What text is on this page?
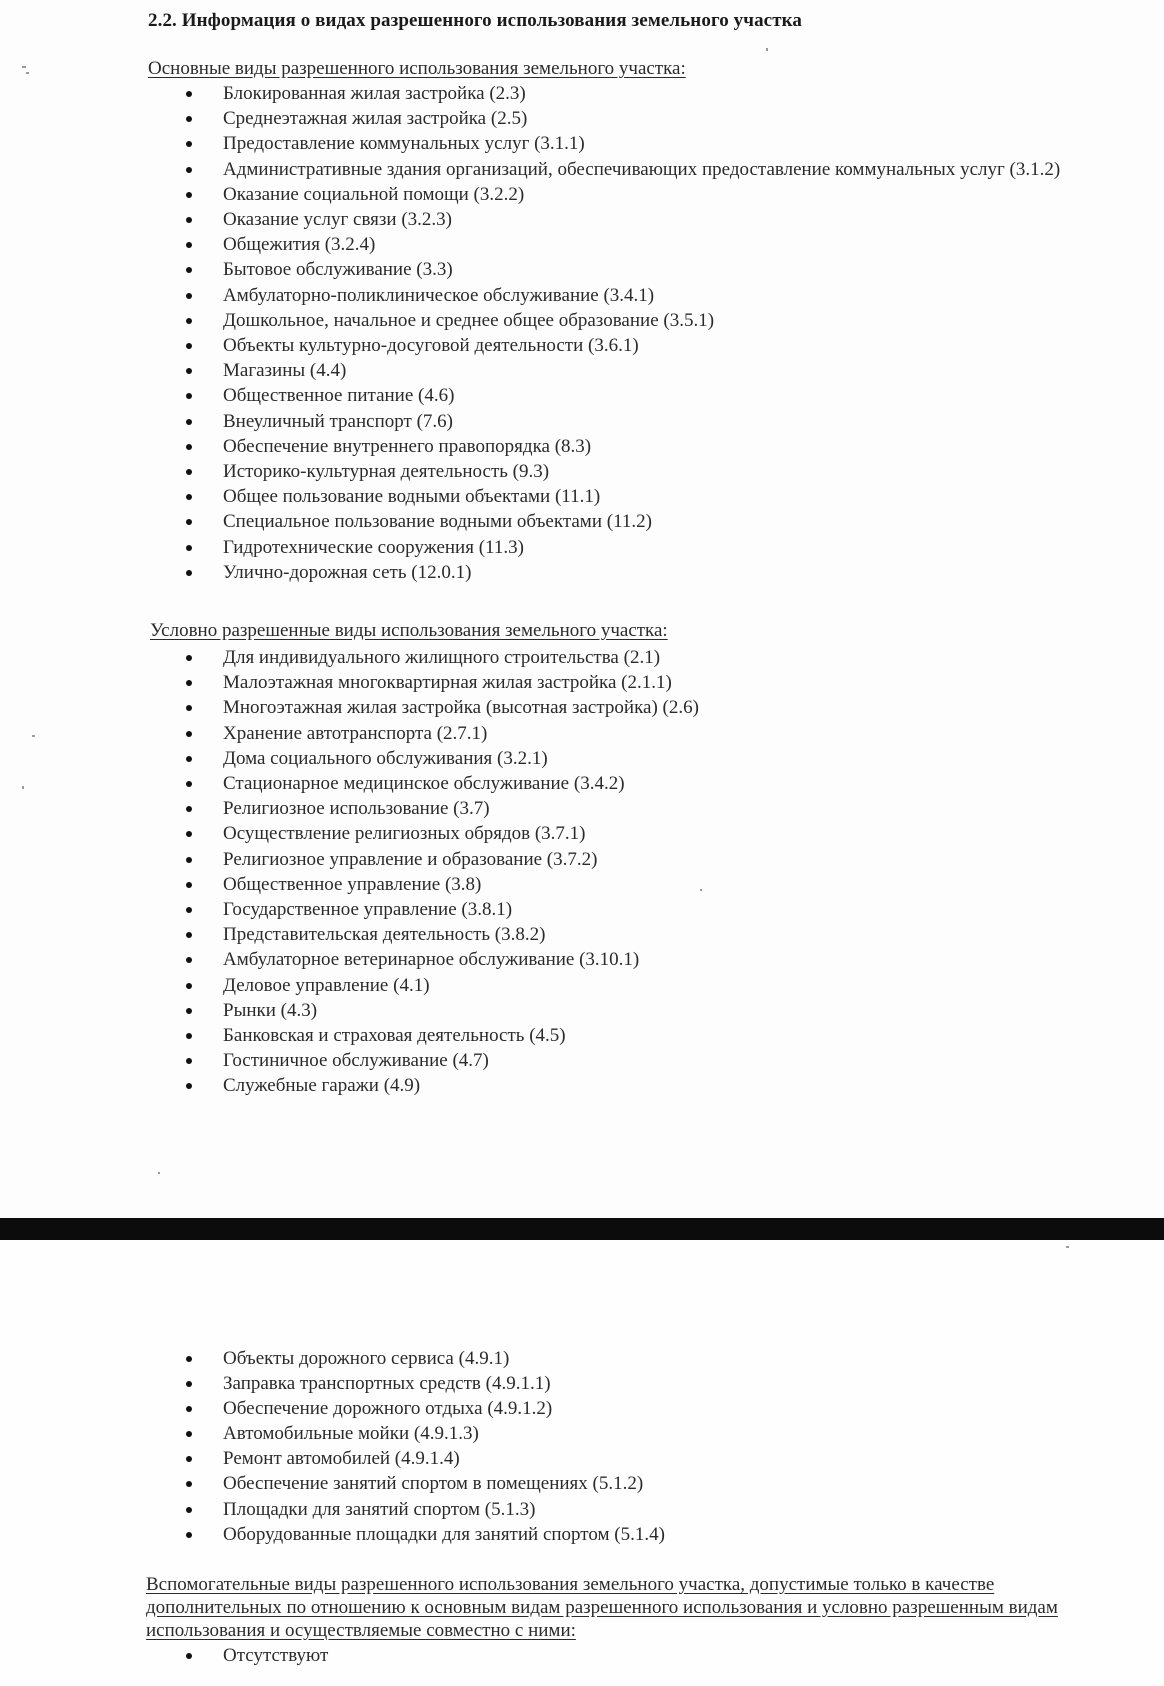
2.2. Информация о видах разрешенного использования земельного участка
Основные виды разрешенного использования земельного участка:
Блокированная жилая застройка (2.3)
Среднеэтажная жилая застройка (2.5)
Предоставление коммунальных услуг (3.1.1)
Административные здания организаций, обеспечивающих предоставление коммунальных услуг (3.1.2)
Оказание социальной помощи (3.2.2)
Оказание услуг связи (3.2.3)
Общежития (3.2.4)
Бытовое обслуживание (3.3)
Амбулаторно-поликлиническое обслуживание (3.4.1)
Дошкольное, начальное и среднее общее образование (3.5.1)
Объекты культурно-досуговой деятельности (3.6.1)
Магазины (4.4)
Общественное питание (4.6)
Внеуличный транспорт (7.6)
Обеспечение внутреннего правопорядка (8.3)
Историко-культурная деятельность (9.3)
Общее пользование водными объектами (11.1)
Специальное пользование водными объектами (11.2)
Гидротехнические сооружения (11.3)
Улично-дорожная сеть (12.0.1)
Условно разрешенные виды использования земельного участка:
Для индивидуального жилищного строительства (2.1)
Малоэтажная многоквартирная жилая застройка (2.1.1)
Многоэтажная жилая застройка (высотная застройка) (2.6)
Хранение автотранспорта (2.7.1)
Дома социального обслуживания (3.2.1)
Стационарное медицинское обслуживание (3.4.2)
Религиозное использование (3.7)
Осуществление религиозных обрядов (3.7.1)
Религиозное управление и образование (3.7.2)
Общественное управление (3.8)
Государственное управление (3.8.1)
Представительская деятельность (3.8.2)
Амбулаторное ветеринарное обслуживание (3.10.1)
Деловое управление (4.1)
Рынки (4.3)
Банковская и страховая деятельность (4.5)
Гостиничное обслуживание (4.7)
Служебные гаражи (4.9)
Объекты дорожного сервиса (4.9.1)
Заправка транспортных средств (4.9.1.1)
Обеспечение дорожного отдыха (4.9.1.2)
Автомобильные мойки (4.9.1.3)
Ремонт автомобилей (4.9.1.4)
Обеспечение занятий спортом в помещениях (5.1.2)
Площадки для занятий спортом (5.1.3)
Оборудованные площадки для занятий спортом (5.1.4)
Вспомогательные виды разрешенного использования земельного участка, допустимые только в качестве дополнительных по отношению к основным видам разрешенного использования и условно разрешенным видам использования и осуществляемые совместно с ними:
Отсутствуют
